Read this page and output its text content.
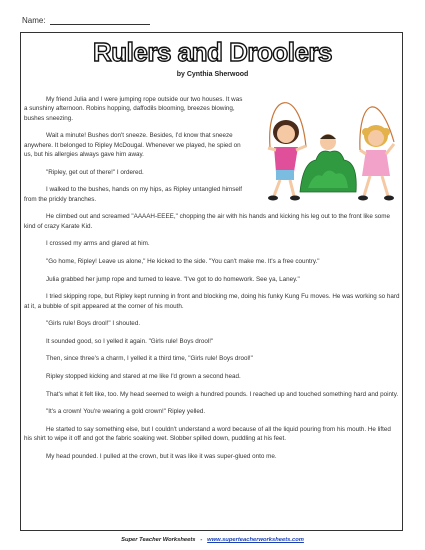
Name:
Rulers and Droolers
by Cynthia Sherwood

My friend Julia and I were jumping rope outside our two houses. It was a sunshiny afternoon. Robins hopping, daffodils blooming, breezes blowing, bushes sneezing.

Wait a minute! Bushes don't sneeze. Besides, I'd know that sneeze anywhere. It belonged to Ripley McDougal. Whenever we played, he spied on us, but his allergies always gave him away.

"Ripley, get out of there!" I ordered.

I walked to the bushes, hands on my hips, as Ripley untangled himself from the prickly branches.

He climbed out and screamed "AAAAH-EEEE," chopping the air with his hands and kicking his leg out to the front like some kind of crazy Karate Kid.

I crossed my arms and glared at him.

"Go home, Ripley! Leave us alone," He kicked to the side. "You can't make me. It's a free country."

Julia grabbed her jump rope and turned to leave. "I've got to do homework. See ya, Laney."

I tried skipping rope, but Ripley kept running in front and blocking me, doing his funky Kung Fu moves. He was working so hard at it, a bubble of spit appeared at the corner of his mouth.

"Girls rule! Boys drool!" I shouted.

It sounded good, so I yelled it again. "Girls rule! Boys drool!"

Then, since three's a charm, I yelled it a third time, "Girls rule! Boys drool!"

Ripley stopped kicking and stared at me like I'd grown a second head.

That's what it felt like, too. My head seemed to weigh a hundred pounds. I reached up and touched something hard and pointy.

"It's a crown! You're wearing a gold crown!" Ripley yelled.

He started to say something else, but I couldn't understand a word because of all the liquid pouring from his mouth. He lifted his shirt to wipe it off and got the fabric soaking wet. Slobber spilled down, puddling at his feet.

My head pounded. I pulled at the crown, but it was like it was super-glued onto me.

Super Teacher Worksheets - www.superteacherworksheets.com
